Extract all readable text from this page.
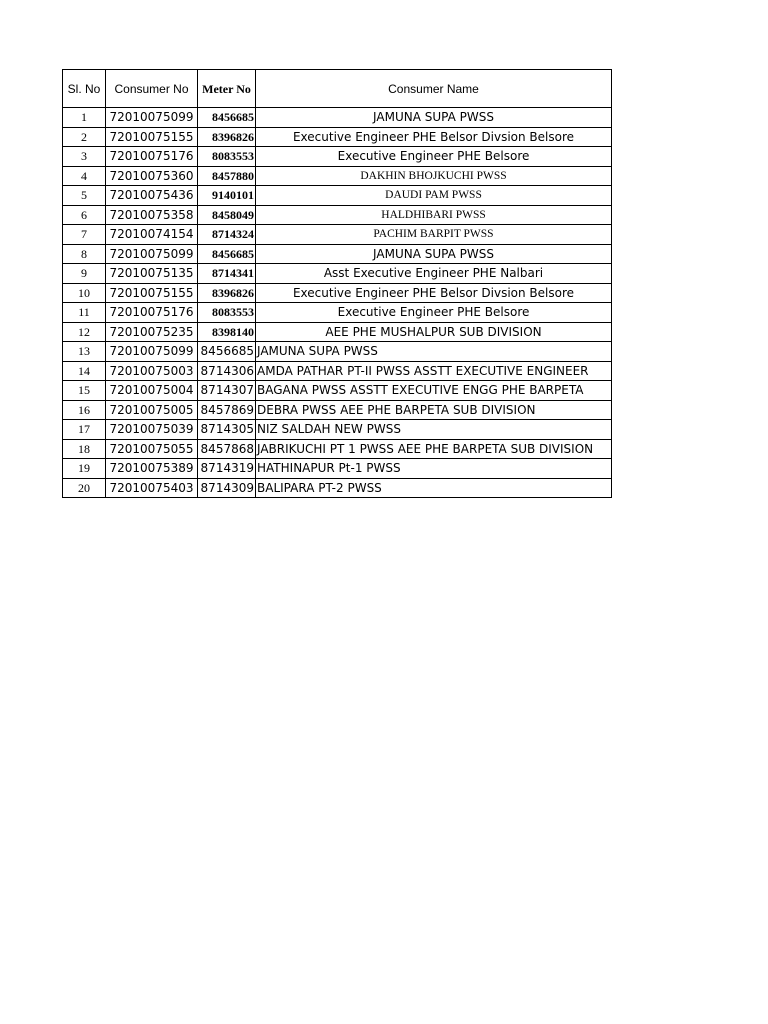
Sl. No	Consumer No	Meter No	Consumer Name
1	72010075099	8456685	JAMUNA SUPA PWSS
2	72010075155	8396826	Executive Engineer PHE Belsor Divsion Belsore
3	72010075176	8083553	Executive Engineer PHE Belsore
4	72010075360	8457880	DAKHIN BHOJKUCHI PWSS
5	72010075436	9140101	DAUDI PAM PWSS
6	72010075358	8458049	HALDHIBARI PWSS
7	72010074154	8714324	PACHIM BARPIT PWSS
8	72010075099	8456685	JAMUNA SUPA PWSS
9	72010075135	8714341	Asst Executive Engineer PHE Nalbari
10	72010075155	8396826	Executive Engineer PHE Belsor Divsion Belsore
11	72010075176	8083553	Executive Engineer PHE Belsore
12	72010075235	8398140	AEE PHE MUSHALPUR SUB DIVISION
13	72010075099	8456685	JAMUNA SUPA PWSS
14	72010075003	8714306	AMDA PATHAR PT-II PWSS ASSTT EXECUTIVE ENGINEER
15	72010075004	8714307	BAGANA PWSS ASSTT EXECUTIVE ENGG PHE BARPETA
16	72010075005	8457869	DEBRA PWSS AEE PHE BARPETA SUB DIVISION
17	72010075039	8714305	NIZ SALDAH NEW PWSS
18	72010075055	8457868	JABRIKUCHI PT 1 PWSS AEE PHE BARPETA SUB DIVISION
19	72010075389	8714319	HATHINAPUR Pt-1 PWSS
20	72010075403	8714309	BALIPARA PT-2 PWSS
